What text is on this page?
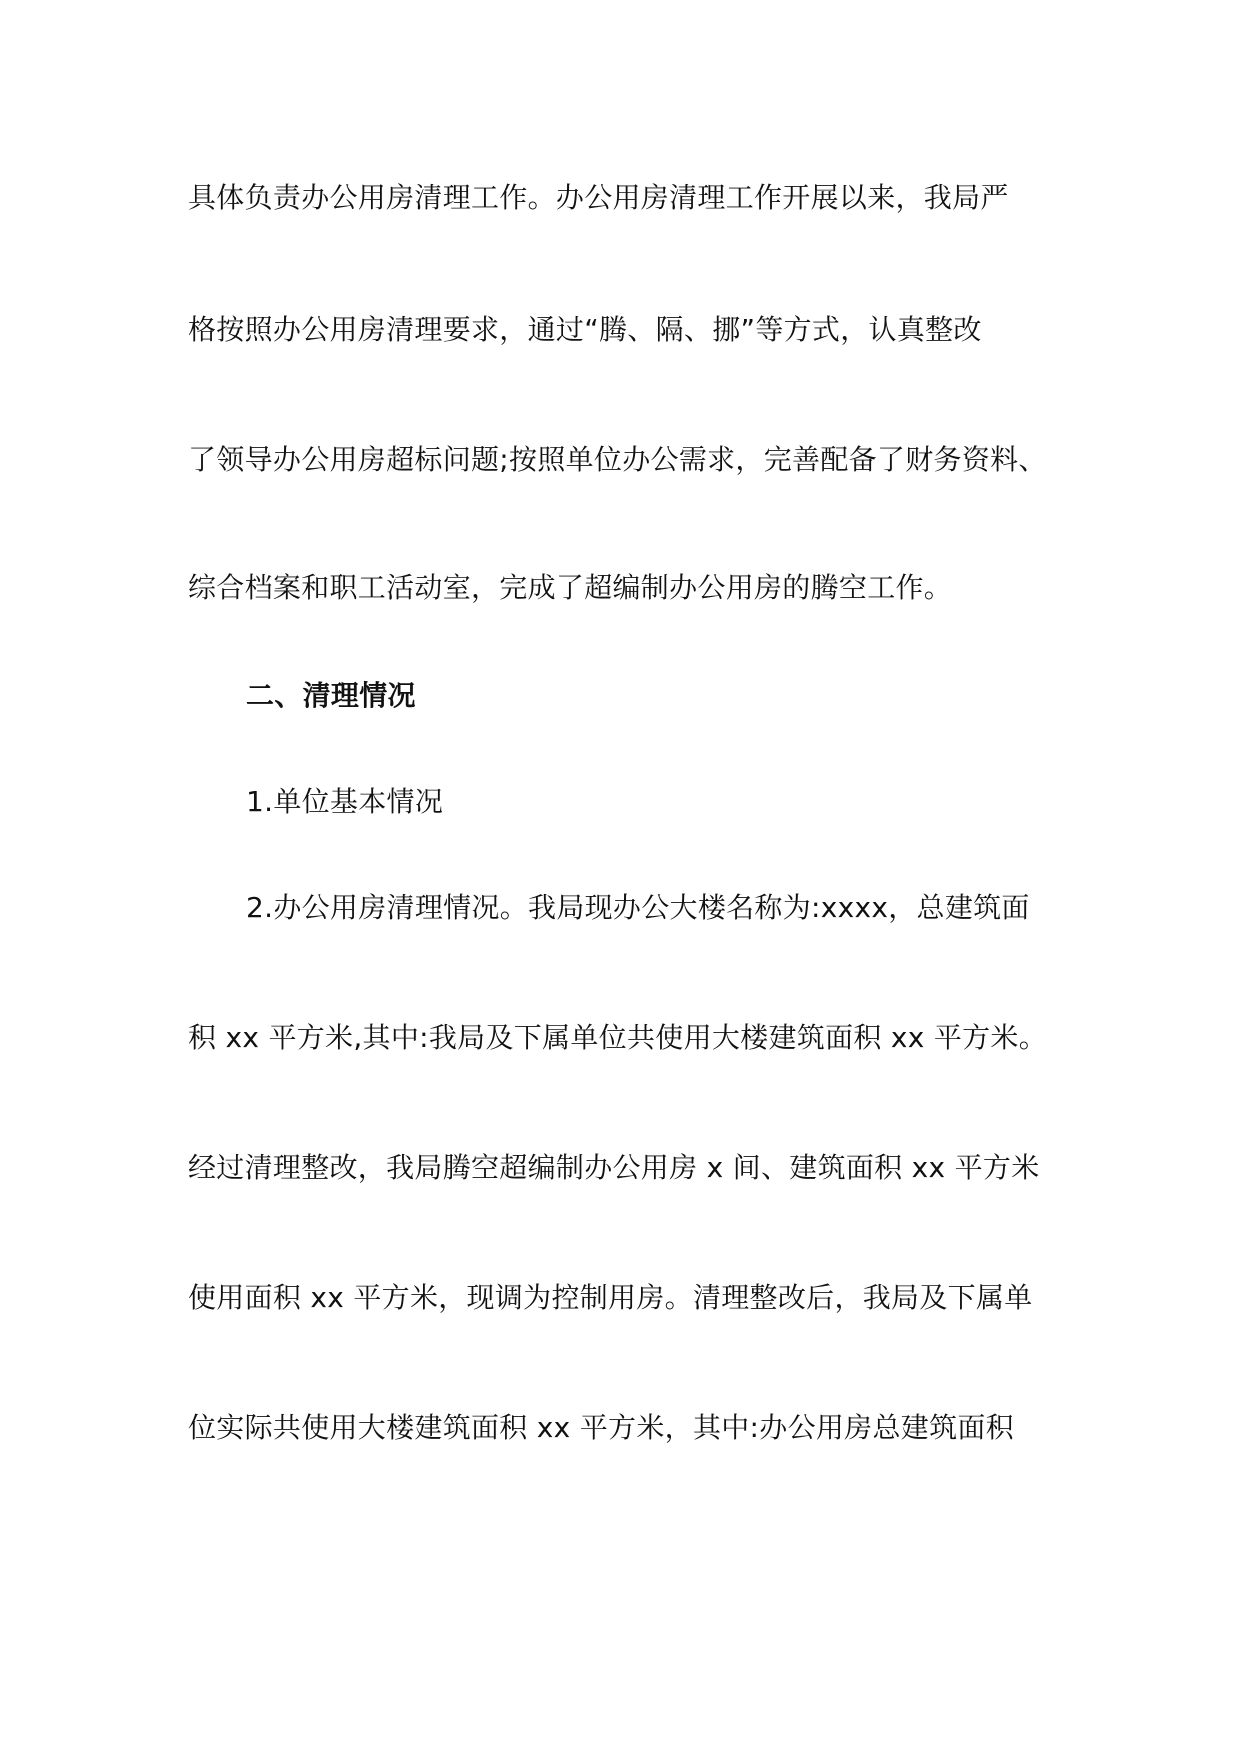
具体负责办公用房清理工作。办公用房清理工作开展以来，我局严
格按照办公用房清理要求，通过“腾、隔、挪”等方式，认真整改
了领导办公用房超标问题;按照单位办公需求，完善配备了财务资料、
综合档案和职工活动室，完成了超编制办公用房的腾空工作。
二、清理情况
1.单位基本情况
2.办公用房清理情况。我局现办公大楼名称为:xxxx，总建筑面
积 xx 平方米,其中:我局及下属单位共使用大楼建筑面积 xx 平方米。
经过清理整改，我局腾空超编制办公用房 x 间、建筑面积 xx 平方米
使用面积 xx 平方米，现调为控制用房。清理整改后，我局及下属单
位实际共使用大楼建筑面积 xx 平方米，其中:办公用房总建筑面积
